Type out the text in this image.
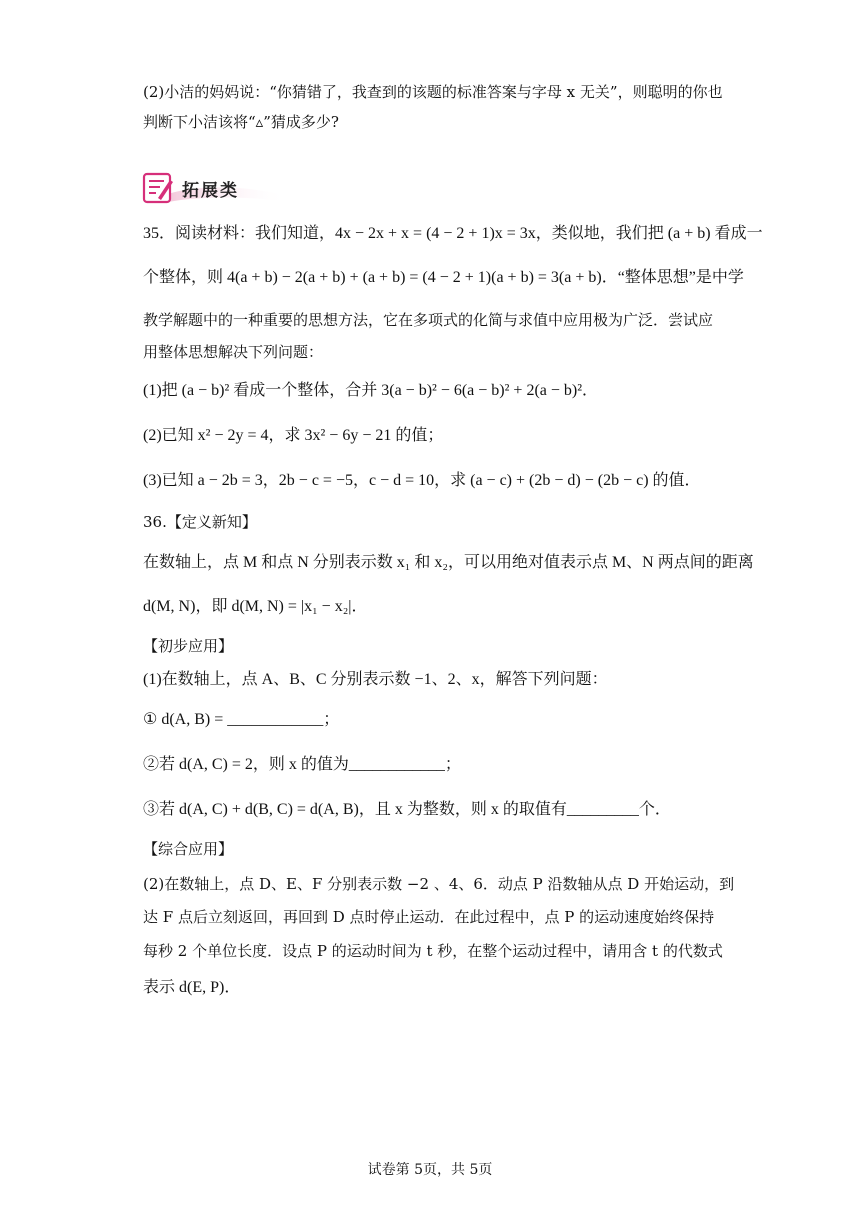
(2)小洁的妈妈说：“你猜错了，我查到的该题的标准答案与字母 x 无关”，则聪明的你也
判断下小洁该将“▵”猜成多少?
拓展类
35．阅读材料：我们知道，4x − 2x + x = (4 − 2 + 1)x = 3x，类似地，我们把 (a + b) 看成一
个整体，则 4(a + b) − 2(a + b) + (a + b) = (4 − 2 + 1)(a + b) = 3(a + b)．“整体思想”是中学
教学解题中的一种重要的思想方法，它在多项式的化简与求值中应用极为广泛．尝试应
用整体思想解决下列问题：
(1)把 (a − b)² 看成一个整体，合并 3(a − b)² − 6(a − b)² + 2(a − b)²．
(2)已知 x² − 2y = 4，求 3x² − 6y − 21 的值；
(3)已知 a − 2b = 3，2b − c = −5，c − d = 10，求 (a − c) + (2b − d) − (2b − c) 的值．
36.【定义新知】
在数轴上，点 M 和点 N 分别表示数 x₁ 和 x₂，可以用绝对值表示点 M、N 两点间的距离
d(M, N)，即 d(M, N) = |x₁ − x₂|．
【初步应用】
(1)在数轴上，点 A、B、C 分别表示数 −1、2、x，解答下列问题：
① d(A, B) = ____________；
②若 d(A, C) = 2，则 x 的值为____________；
③若 d(A, C) + d(B, C) = d(A, B)，且 x 为整数，则 x 的取值有_________个．
【综合应用】
(2)在数轴上，点 D、E、F 分别表示数 −2 、4、6．动点 P 沿数轴从点 D 开始运动，到
达 F 点后立刻返回，再回到 D 点时停止运动．在此过程中，点 P 的运动速度始终保持
每秒 2 个单位长度．设点 P 的运动时间为 t 秒，在整个运动过程中，请用含 t 的代数式
表示 d(E, P)．
试卷第 5页，共 5页
